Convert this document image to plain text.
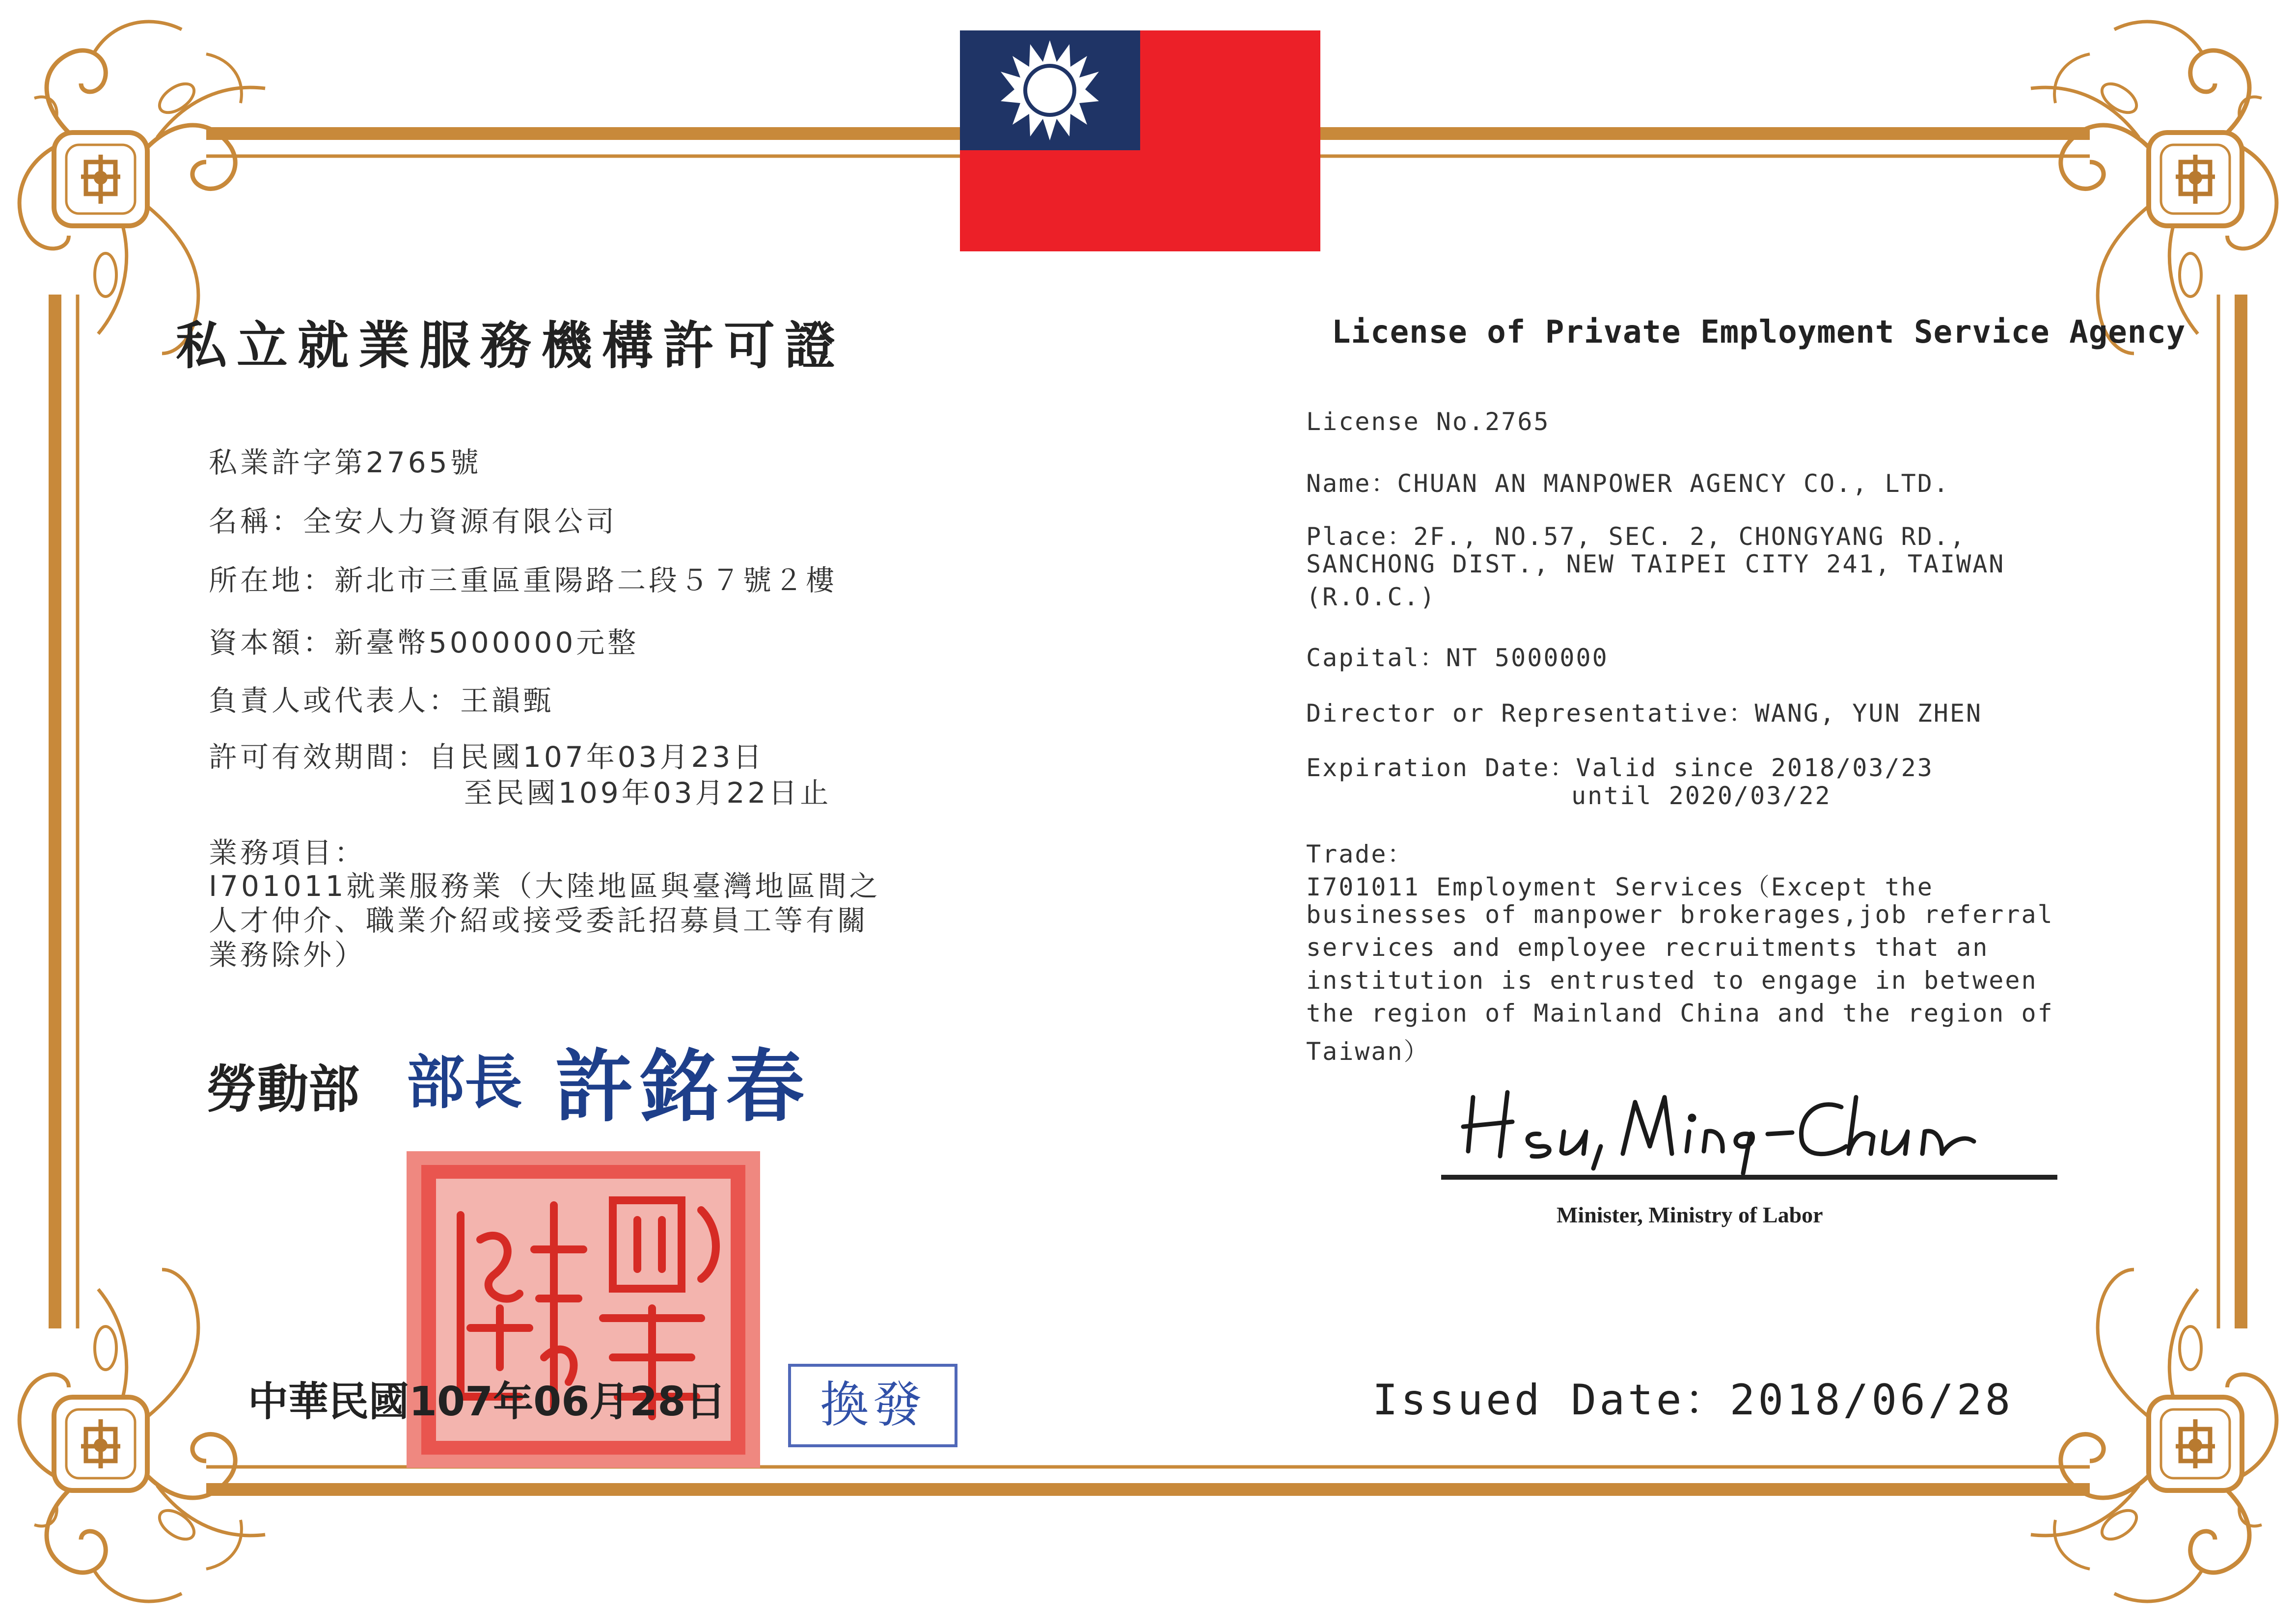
私立就業服務機構許可證
私業許字第2765號
名稱：全安人力資源有限公司
所在地：新北市三重區重陽路二段５７號２樓
資本額：新臺幣5000000元整
負責人或代表人：王韻甄
許可有效期間：自民國107年03月23日
至民國109年03月22日止
業務項目：
I701011就業服務業（大陸地區與臺灣地區間之
人才仲介、職業介紹或接受委託招募員工等有關
業務除外）
勞動部 部長 許銘春
中華民國107年06月28日	換發
License of Private Employment Service Agency
License No.2765
Name：CHUAN AN MANPOWER AGENCY CO., LTD.
Place：2F., NO.57, SEC. 2, CHONGYANG RD.,
SANCHONG DIST., NEW TAIPEI CITY 241, TAIWAN
(R.O.C.)
Capital：NT 5000000
Director or Representative：WANG, YUN ZHEN
Expiration Date：Valid since 2018/03/23
until 2020/03/22
Trade：
I701011 Employment Services（Except the
businesses of manpower brokerages,job referral
services and employee recruitments that an
institution is entrusted to engage in between
the region of Mainland China and the region of
Taiwan）
Minister, Ministry of Labor
Issued Date：2018/06/28
